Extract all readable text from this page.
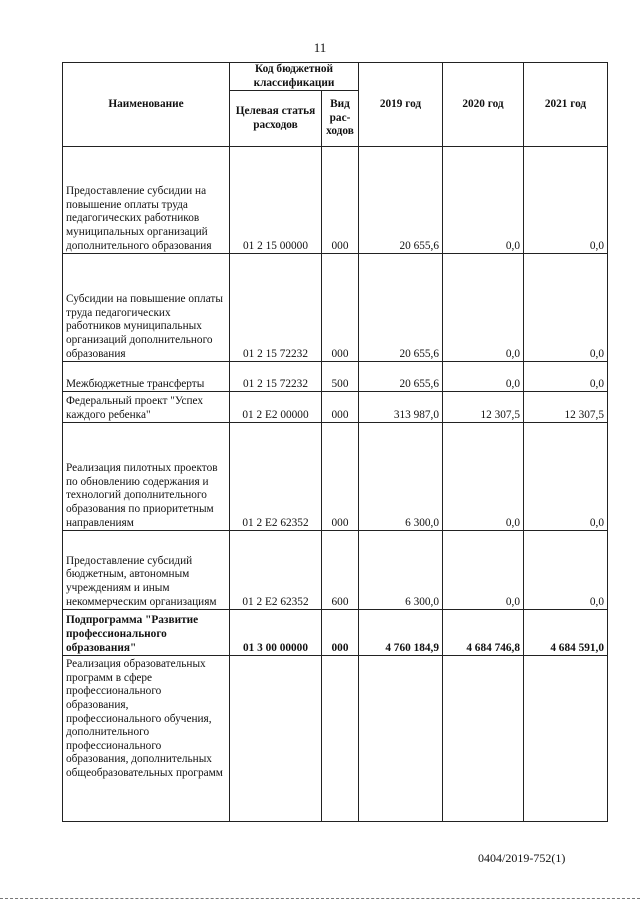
11
Наименование	Код бюджетной классификации		2019 год	2020 год	2021 год
	Целевая статья расходов	Вид рас-ходов			
Предоставление субсидии на повышение оплаты труда педагогических работников муниципальных организаций дополнительного образования	01 2 15 00000	000	20 655,6	0,0	0,0
Субсидии на повышение оплаты труда педагогических работников муниципальных организаций дополнительного образования	01 2 15 72232	000	20 655,6	0,0	0,0
Межбюджетные трансферты	01 2 15 72232	500	20 655,6	0,0	0,0
Федеральный проект "Успех каждого ребенка"	01 2 Е2 00000	000	313 987,0	12 307,5	12 307,5
Реализация пилотных проектов по обновлению содержания и технологий дополнительного образования по приоритетным направлениям	01 2 Е2 62352	000	6 300,0	0,0	0,0
Предоставление субсидий бюджетным, автономным учреждениям и иным некоммерческим организациям	01 2 Е2 62352	600	6 300,0	0,0	0,0
Подпрограмма "Развитие профессионального образования"	01 3 00 00000	000	4 760 184,9	4 684 746,8	4 684 591,0
Реализация образовательных программ в сфере профессионального образования, профессионального обучения, дополнительного профессионального образования, дополнительных общеобразовательных программ					
0404/2019-752(1)
